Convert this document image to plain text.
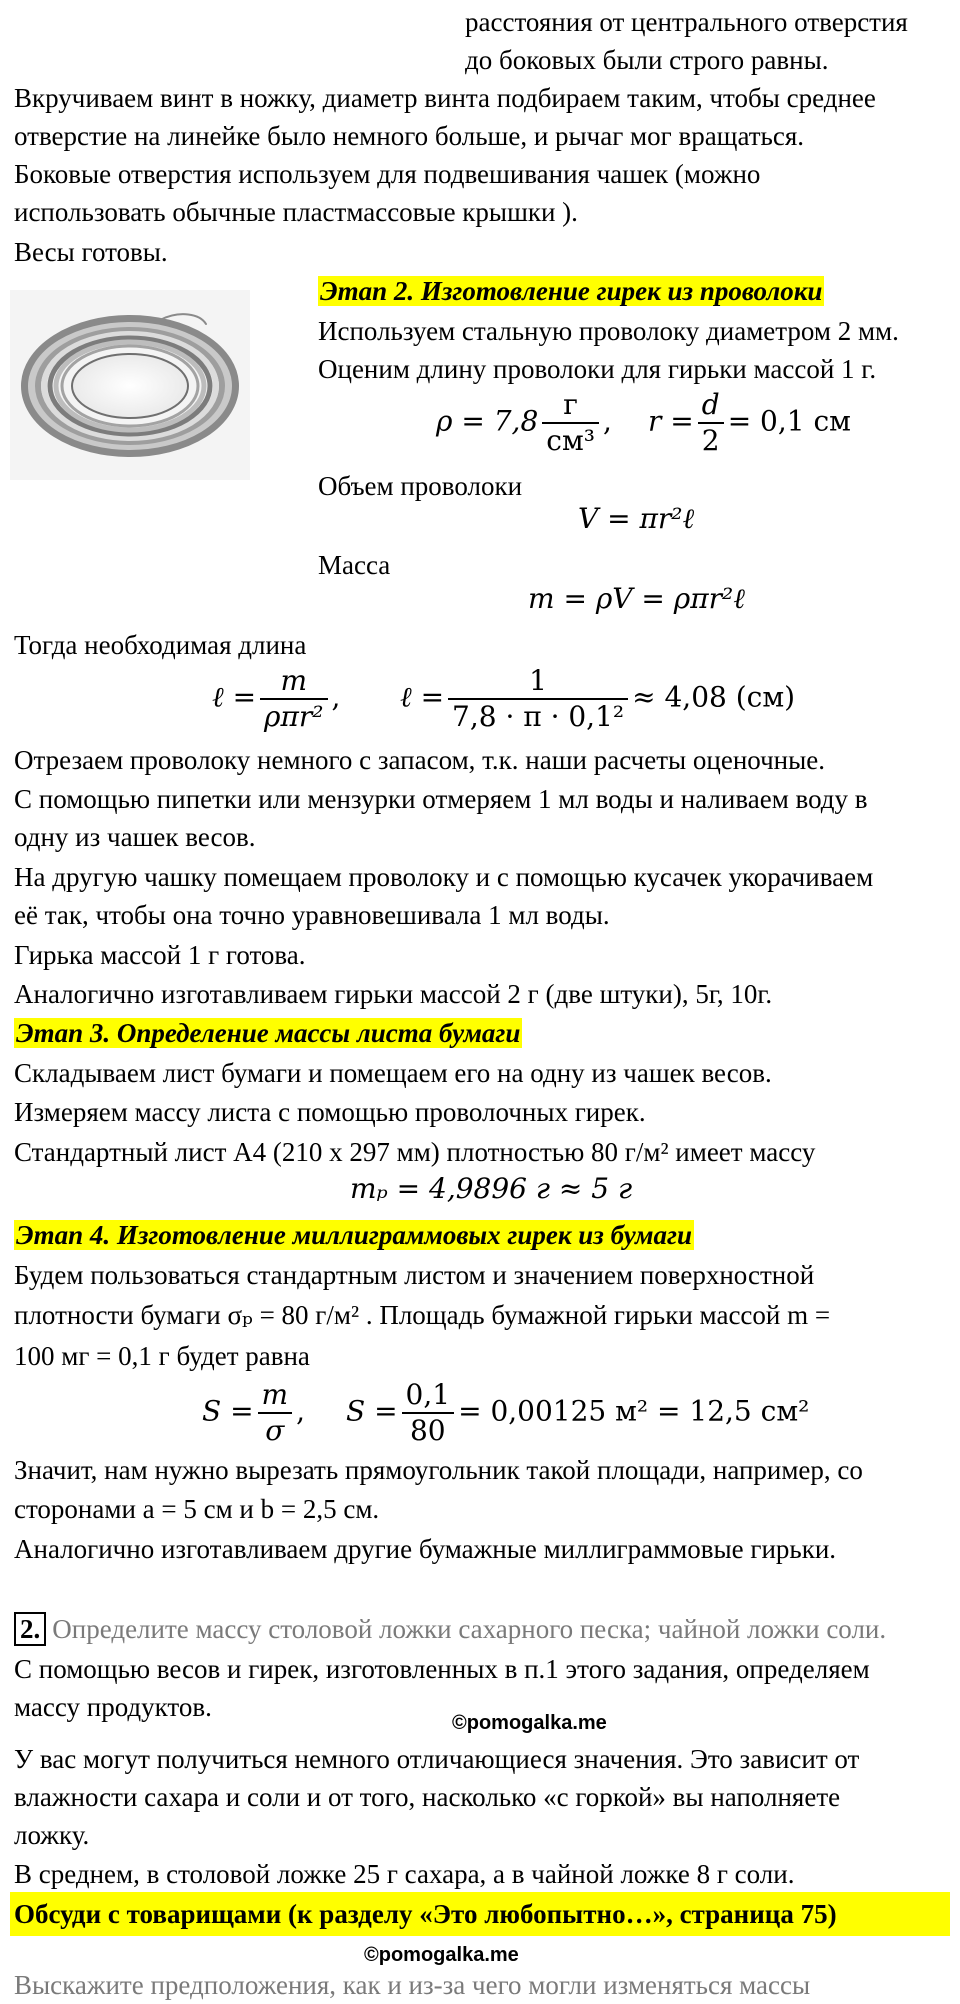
расстояния от центрального отверстия
до боковых были строго равны.
Вкручиваем винт в ножку, диаметр винта подбираем таким, чтобы среднее
отверстие на линейке было немного больше, и рычаг мог вращаться.
Боковые отверстия используем для подвешивания чашек (можно
использовать обычные пластмассовые крышки ).
Весы готовы.
Этап 2. Изготовление гирек из проволоки
Используем стальную проволоку диаметром 2 мм.
Оценим длину проволоки для гирьки массой 1 г.
$\rho = 7,8 \frac{г}{\text{см³}}$ , $r = \frac{d}{2} = 0,1$ см
Объем проволоки
V = πr²ℓ
Масса
m = ρV = ρπr²ℓ
Тогда необходимая длина
ℓ = $\frac{m}{\text{ρπr²}}$ , ℓ = $\frac{1}{\text{7,8 · π · 0,1²}} \approx 4,08$ (см)
Отрезаем проволоку немного с запасом, т.к. наши расчеты оценочные.
С помощью пипетки или мензурки отмеряем 1 мл воды и наливаем воду в
одну из чашек весов.
На другую чашку помещаем проволоку и с помощью кусачек укорачиваем
её так, чтобы она точно уравновешивала 1 мл воды.
Гирька массой 1 г готова.
Аналогично изготавливаем гирьки массой 2 г (две штуки), 5г, 10г.
Этап 3. Определение массы листа бумаги
Складываем лист бумаги и помещаем его на одну из чашек весов.
Измеряем массу листа с помощью проволочных гирек.
Стандартный лист А4 (210 х 297 мм) плотностью 80 г/м² имеет массу
mₚ = 4,9896 г ≈ 5 г
Этап 4. Изготовление миллиграммовых гирек из бумаги
Будем пользоваться стандартным листом и значением поверхностной
плотности бумаги σₚ = 80 г/м² . Площадь бумажной гирьки массой m =
100 мг = 0,1 г будет равна
$S = \frac{m}{\sigma}$ , $S = \frac{0,1}{80} = 0,00125$ м² = 12,5 см²
Значит, нам нужно вырезать прямоугольник такой площади, например, со
сторонами a = 5 см и b = 2,5 см.
Аналогично изготавливаем другие бумажные миллиграммовые гирьки.
2. Определите массу столовой ложки сахарного песка; чайной ложки соли.
С помощью весов и гирек, изготовленных в п.1 этого задания, определяем
массу продуктов.
©pomogalka.me
У вас могут получиться немного отличающиеся значения. Это зависит от
влажности сахара и соли и от того, насколько «с горкой» вы наполняете
ложку.
В среднем, в столовой ложке 25 г сахара, а в чайной ложке 8 г соли.
Обсуди с товарищами (к разделу «Это любопытно…», страница 75)
©pomogalka.me
Выскажите предположения, как и из-за чего могли изменяться массы
